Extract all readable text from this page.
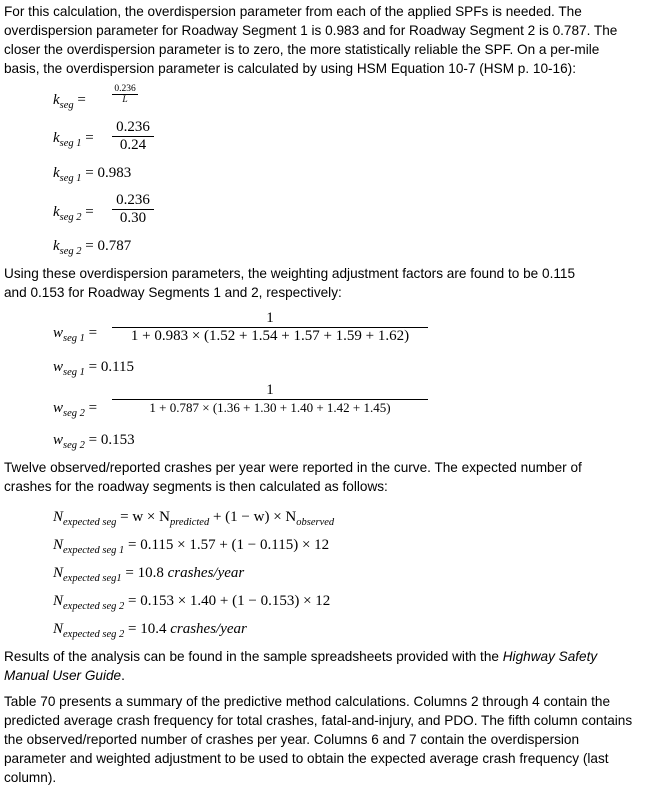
For this calculation, the overdispersion parameter from each of the applied SPFs is needed. The
overdispersion parameter for Roadway Segment 1 is 0.983 and for Roadway Segment 2 is 0.787. The
closer the overdispersion parameter is to zero, the more statistically reliable the SPF. On a per-mile
basis, the overdispersion parameter is calculated by using HSM Equation 10-7 (HSM p. 10-16):
$k_{seg}$ =
0.236
L
$k_{seg 1}$ =
0.236
0.24
$k_{seg 1} = 0.983$
$k_{seg 2}$ =
0.236
0.30
$k_{seg 2} = 0.787$
Using these overdispersion parameters, the weighting adjustment factors are found to be 0.115
and 0.153 for Roadway Segments 1 and 2, respectively:
$w_{seg 1}$ =
1
1 + 0.983 × (1.52 + 1.54 + 1.57 + 1.59 + 1.62)
$w_{seg 1} = 0.115$
$w_{seg 2}$ =
1
1 + 0.787 × (1.36 + 1.30 + 1.40 + 1.42 + 1.45)
$w_{seg 2} = 0.153$
Twelve observed/reported crashes per year were reported in the curve. The expected number of
crashes for the roadway segments is then calculated as follows:
$N_{expected seg} = w \times N_{predicted} + (1 - w) \times N_{observed}$
$N_{expected seg 1} = 0.115 \times 1.57 + (1 - 0.115) \times 12$
$N_{expected seg1} = 10.8$ crashes/year
$N_{expected seg 2} = 0.153 \times 1.40 + (1 - 0.153) \times 12$
$N_{expected seg 2} = 10.4$ crashes/year
Results of the analysis can be found in the sample spreadsheets provided with the Highway Safety
Manual User Guide.
Table 70 presents a summary of the predictive method calculations. Columns 2 through 4 contain the
predicted average crash frequency for total crashes, fatal-and-injury, and PDO. The fifth column contains
the observed/reported number of crashes per year. Columns 6 and 7 contain the overdispersion
parameter and weighted adjustment to be used to obtain the expected average crash frequency (last
column).
